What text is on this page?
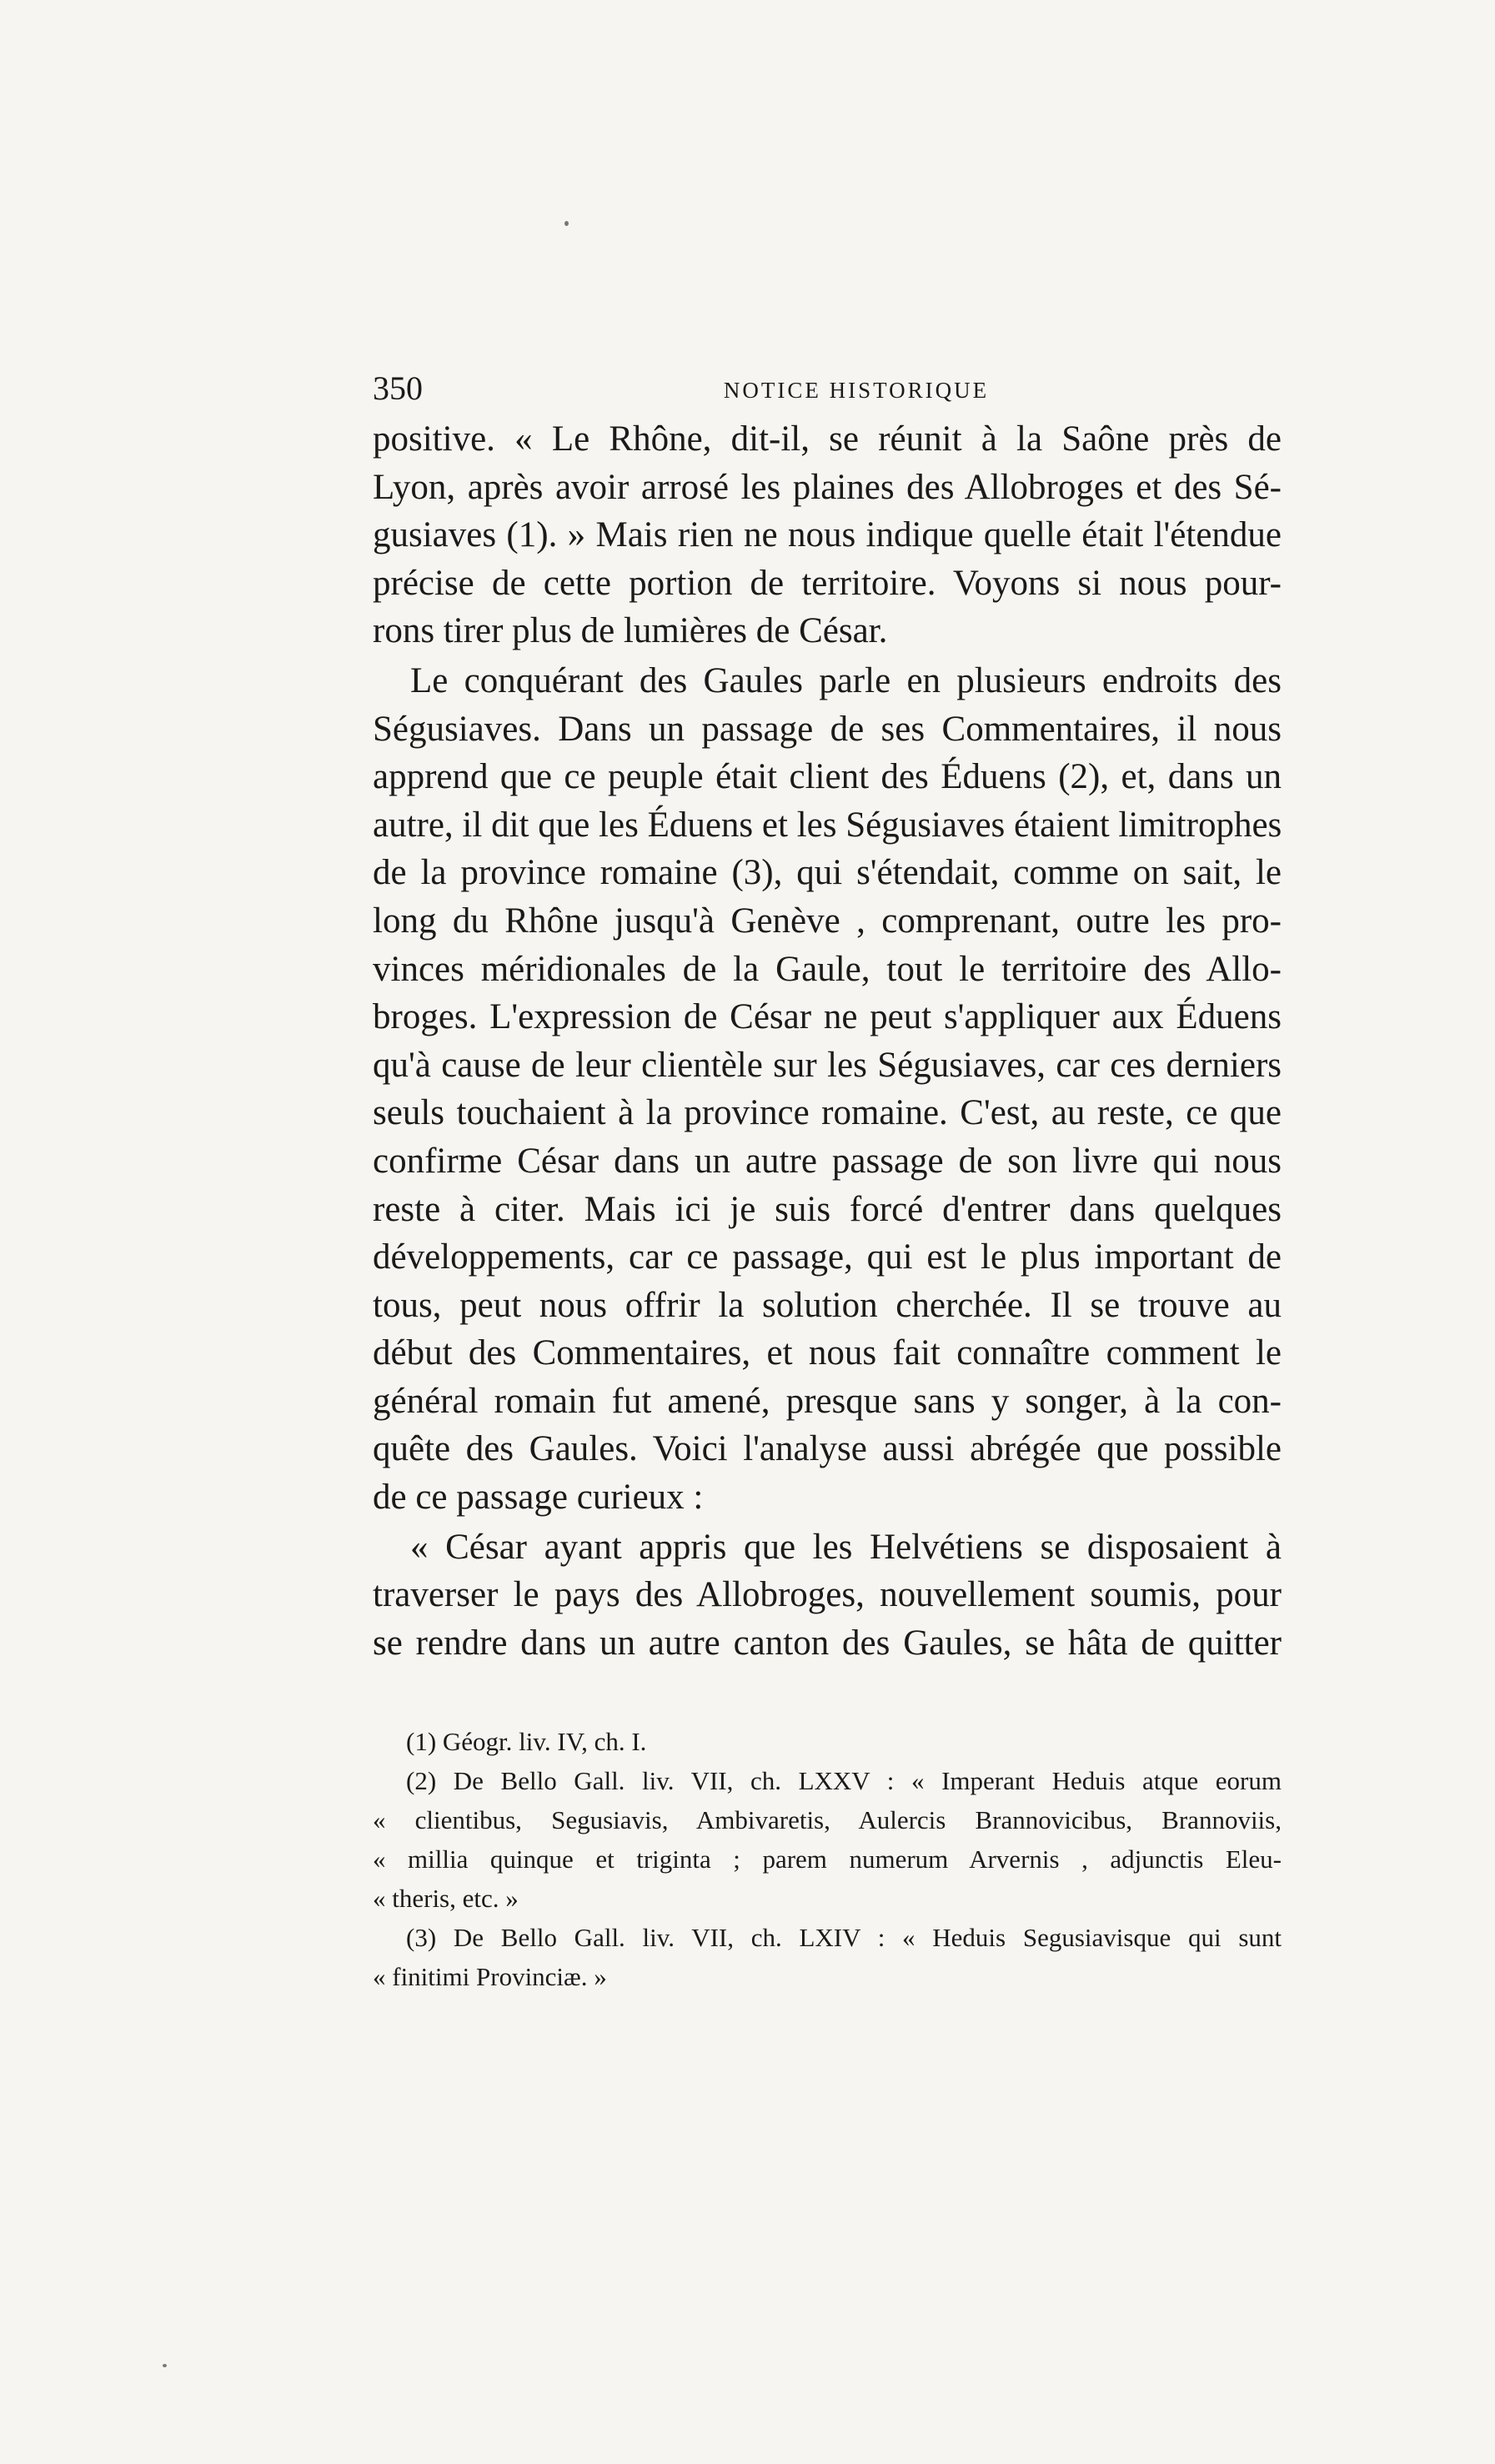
350	NOTICE HISTORIQUE
positive. « Le Rhône, dit-il, se réunit à la Saône près de
Lyon, après avoir arrosé les plaines des Allobroges et des Sé-
gusiaves (1). » Mais rien ne nous indique quelle était l'étendue
précise de cette portion de territoire. Voyons si nous pour-
rons tirer plus de lumières de César.
Le conquérant des Gaules parle en plusieurs endroits des
Ségusiaves. Dans un passage de ses Commentaires, il nous
apprend que ce peuple était client des Éduens (2), et, dans un
autre, il dit que les Éduens et les Ségusiaves étaient limitrophes
de la province romaine (3), qui s'étendait, comme on sait, le
long du Rhône jusqu'à Genève , comprenant, outre les pro-
vinces méridionales de la Gaule, tout le territoire des Allo-
broges. L'expression de César ne peut s'appliquer aux Éduens
qu'à cause de leur clientèle sur les Ségusiaves, car ces derniers
seuls touchaient à la province romaine. C'est, au reste, ce que
confirme César dans un autre passage de son livre qui nous
reste à citer. Mais ici je suis forcé d'entrer dans quelques
développements, car ce passage, qui est le plus important de
tous, peut nous offrir la solution cherchée. Il se trouve au
début des Commentaires, et nous fait connaître comment le
général romain fut amené, presque sans y songer, à la con-
quête des Gaules. Voici l'analyse aussi abrégée que possible
de ce passage curieux :
« César ayant appris que les Helvétiens se disposaient à
traverser le pays des Allobroges, nouvellement soumis, pour
se rendre dans un autre canton des Gaules, se hâta de quitter
(1) Géogr. liv. IV, ch. I.
(2) De Bello Gall. liv. VII, ch. LXXV : « Imperant Heduis atque eorum
« clientibus, Segusiavis, Ambivaretis, Aulercis Brannovicibus, Brannoviis,
« millia quinque et triginta ; parem numerum Arvernis , adjunctis Eleu-
« theris, etc. »
(3) De Bello Gall. liv. VII, ch. LXIV : « Heduis Segusiavisque qui sunt
« finitimi Provinciæ. »
